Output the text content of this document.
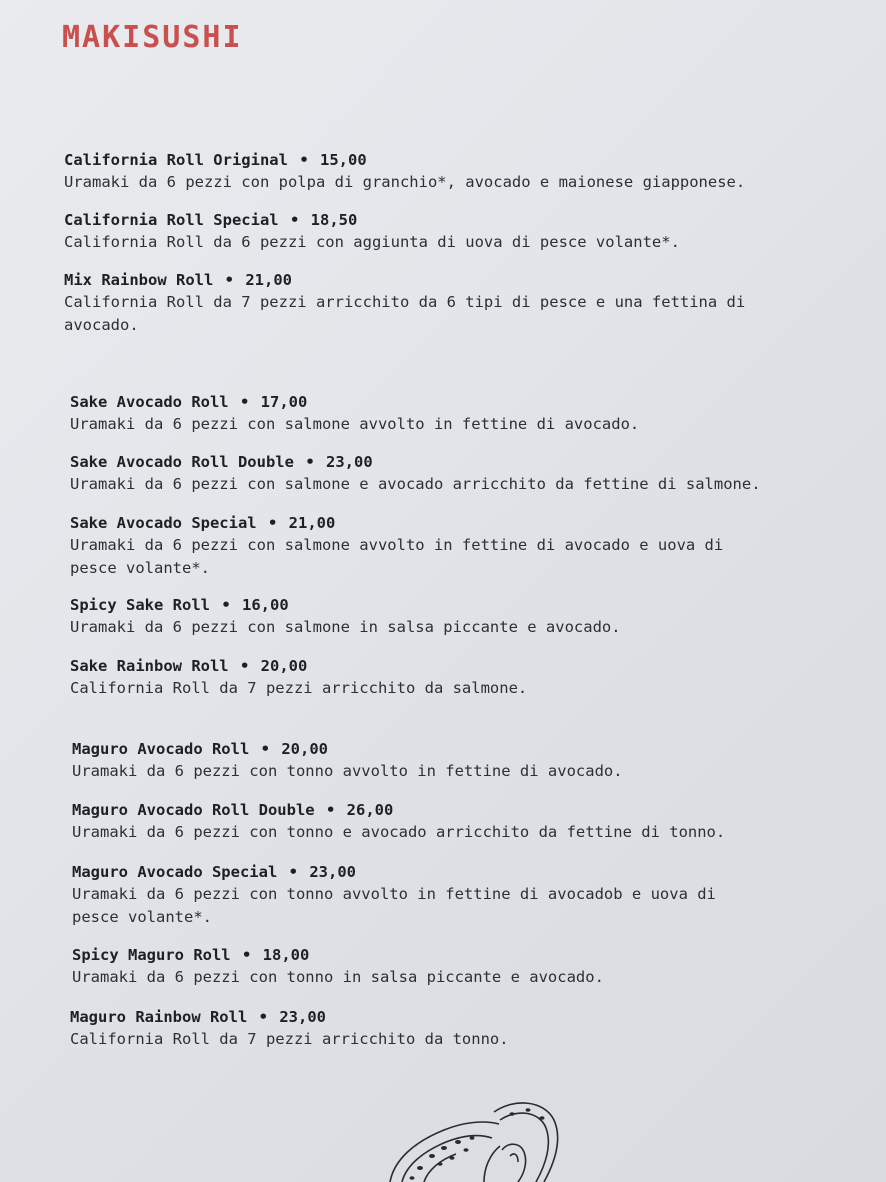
MAKISUSHI
California Roll Original • 15,00
Uramaki da 6 pezzi con polpa di granchio*, avocado e maionese giapponese.
California Roll Special • 18,50
California Roll da 6 pezzi con aggiunta di uova di pesce volante*.
Mix Rainbow Roll • 21,00
California Roll da 7 pezzi arricchito da 6 tipi di pesce e una fettina di avocado.
Sake Avocado Roll • 17,00
Uramaki da 6 pezzi con salmone avvolto in fettine di avocado.
Sake Avocado Roll Double • 23,00
Uramaki da 6 pezzi con salmone e avocado arricchito da fettine di salmone.
Sake Avocado Special • 21,00
Uramaki da 6 pezzi con salmone avvolto in fettine di avocado e uova di pesce volante*.
Spicy Sake Roll • 16,00
Uramaki da 6 pezzi con salmone in salsa piccante e avocado.
Sake Rainbow Roll • 20,00
California Roll da 7 pezzi arricchito da salmone.
Maguro Avocado Roll • 20,00
Uramaki da 6 pezzi con tonno avvolto in fettine di avocado.
Maguro Avocado Roll Double • 26,00
Uramaki da 6 pezzi con tonno e avocado arricchito da fettine di tonno.
Maguro Avocado Special • 23,00
Uramaki da 6 pezzi con tonno avvolto in fettine di avocadob e uova di pesce volante*.
Spicy Maguro Roll • 18,00
Uramaki da 6 pezzi con tonno in salsa piccante e avocado.
Maguro Rainbow Roll • 23,00
California Roll da 7 pezzi arricchito da tonno.
